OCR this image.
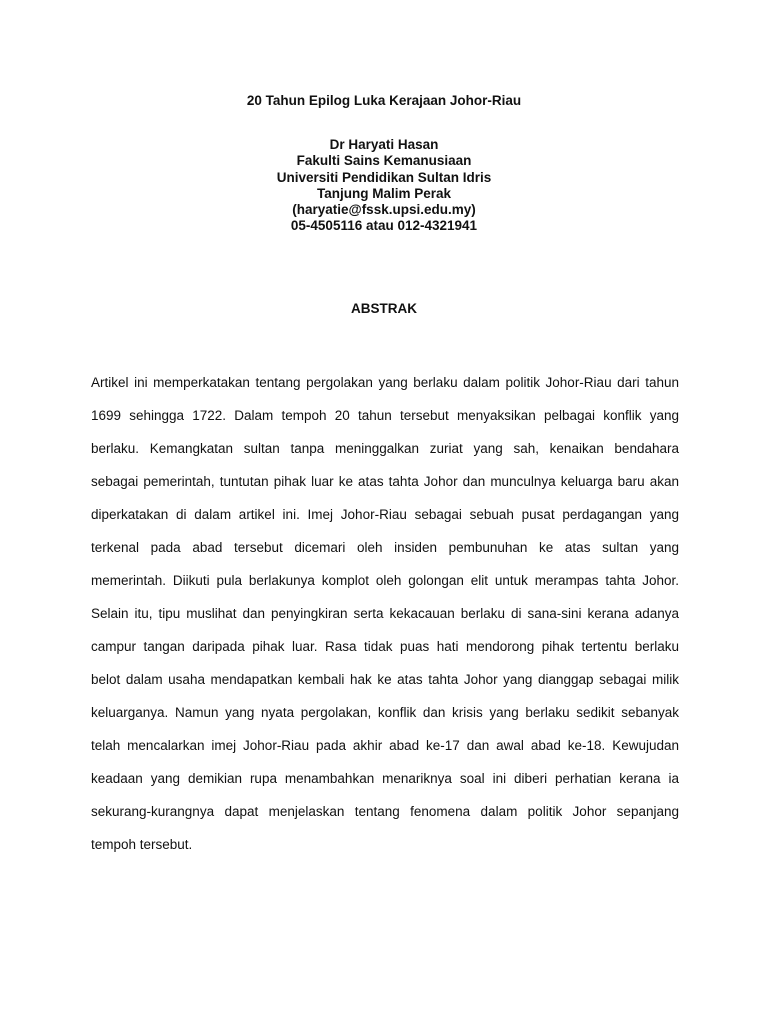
20 Tahun Epilog Luka Kerajaan Johor-Riau
Dr Haryati Hasan
Fakulti Sains Kemanusiaan
Universiti Pendidikan Sultan Idris
Tanjung Malim Perak
(haryatie@fssk.upsi.edu.my)
05-4505116 atau 012-4321941
ABSTRAK
Artikel ini memperkatakan tentang pergolakan yang berlaku dalam politik Johor-Riau dari tahun
1699 sehingga 1722. Dalam tempoh 20 tahun tersebut menyaksikan pelbagai konflik yang
berlaku. Kemangkatan sultan tanpa meninggalkan zuriat yang sah, kenaikan bendahara
sebagai pemerintah, tuntutan pihak luar ke atas tahta Johor dan munculnya keluarga baru akan
diperkatakan di dalam artikel ini. Imej Johor-Riau sebagai sebuah pusat perdagangan yang
terkenal pada abad tersebut dicemari oleh insiden pembunuhan ke atas sultan yang
memerintah. Diikuti pula berlakunya komplot oleh golongan elit untuk merampas tahta Johor.
Selain itu, tipu muslihat dan penyingkiran serta kekacauan berlaku di sana-sini kerana adanya
campur tangan daripada pihak luar. Rasa tidak puas hati mendorong pihak tertentu berlaku
belot dalam usaha mendapatkan kembali hak ke atas tahta Johor yang dianggap sebagai milik
keluarganya. Namun yang nyata pergolakan, konflik dan krisis yang berlaku sedikit sebanyak
telah mencalarkan imej Johor-Riau pada akhir abad ke-17 dan awal abad ke-18. Kewujudan
keadaan yang demikian rupa menambahkan menariknya soal ini diberi perhatian kerana ia
sekurang-kurangnya dapat menjelaskan tentang fenomena dalam politik Johor sepanjang
tempoh tersebut.
